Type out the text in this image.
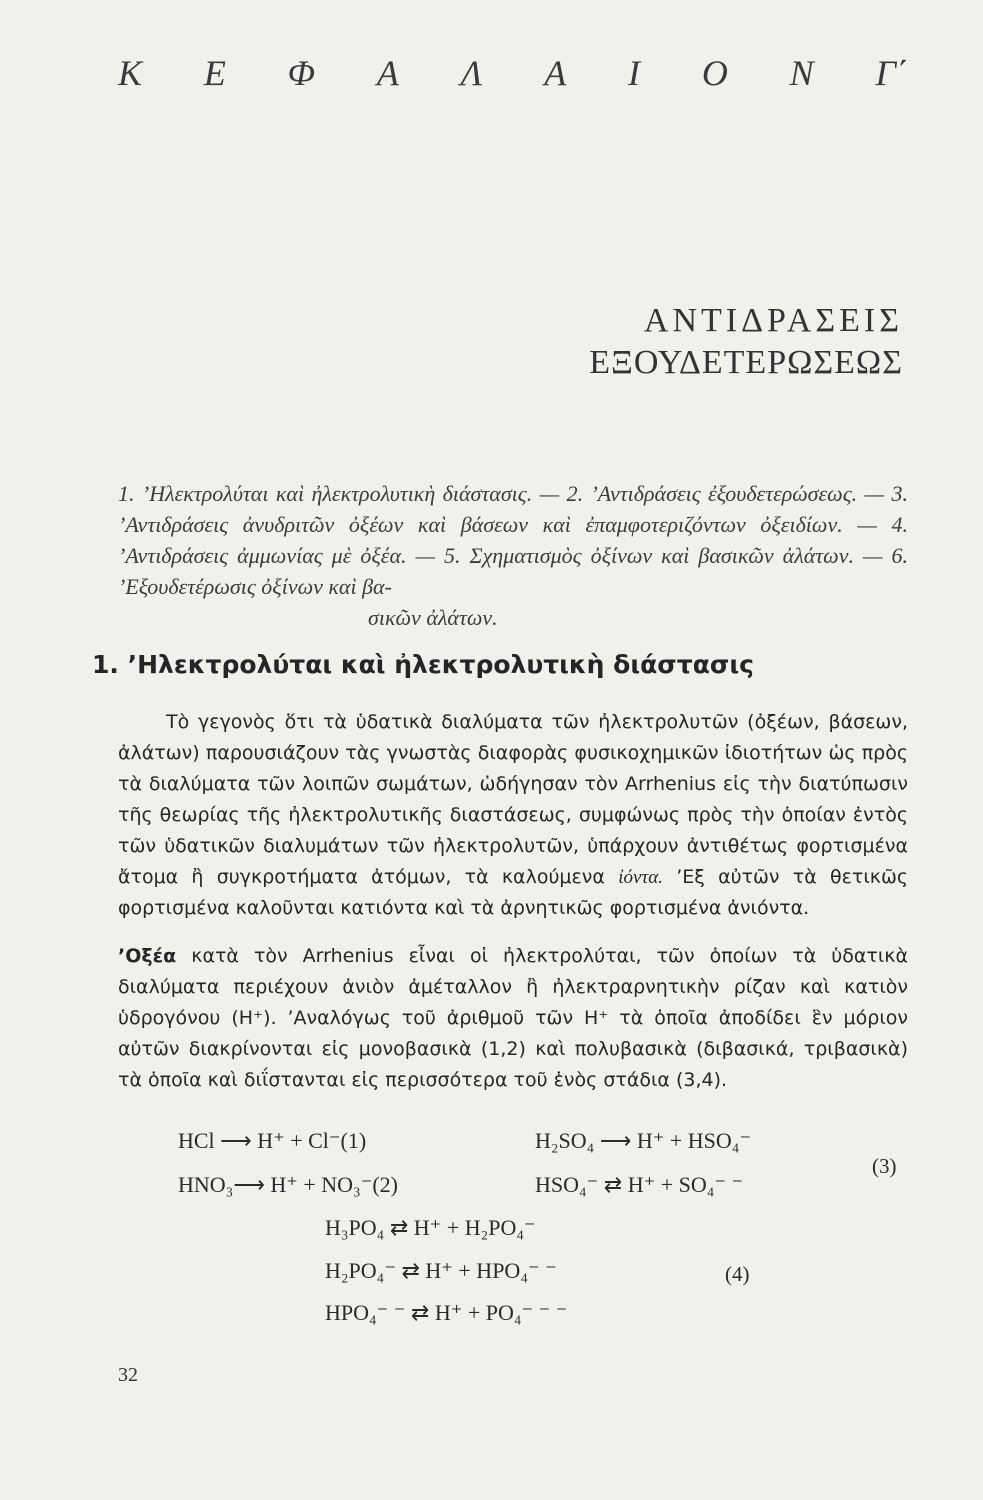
Κ Ε Φ Α Λ Α Ι Ο Ν Γ΄
ΑΝΤΙΔΡΑΣΕΙΣ
ΕΞΟΥΔΕΤΕΡΩΣΕΩΣ
1. ’Ηλεκτρολύται καὶ ἠλεκτρολυτικὴ διάστασις. — 2. ’Αντιδράσεις ἐξουδετερώσεως. — 3. ’Αντιδράσεις ἀνυδριτῶν ὀξέων καὶ βάσεων καὶ ἐπαμφοτεριζόντων ὀξειδίων. — 4. ’Αντιδράσεις ἀμμωνίας μὲ ὀξέα. — 5. Σχηματισμὸς ὀξίνων καὶ βασικῶν ἀλάτων. — 6. ’Εξουδετέρωσις ὀξίνων καὶ βα-
σικῶν ἀλάτων.
1. ’Ηλεκτρολύται καὶ ἠλεκτρολυτικὴ διάστασις

Τὸ γεγονὸς ὅτι τὰ ὑδατικὰ διαλύματα τῶν ἠλεκτρολυτῶν (ὀξέων, βάσεων, ἀλάτων) παρουσιάζουν τὰς γνωστὰς διαφορὰς φυσικοχημικῶν ἰδιοτήτων ὡς πρὸς τὰ διαλύματα τῶν λοιπῶν σωμάτων, ὡδήγησαν τὸν Arrhenius εἰς τὴν διατύπωσιν τῆς θεωρίας τῆς ἠλεκτρολυτικῆς διαστάσεως, συμφώνως πρὸς τὴν ὁποίαν ἐντὸς τῶν ὑδατικῶν διαλυμάτων τῶν ἠλεκτρολυτῶν, ὑπάρχουν ἀντιθέτως φορτισμένα ἄτομα ἢ συγκροτήματα ἀτόμων, τὰ καλούμενα ἰόντα. ’Εξ αὐτῶν τὰ θετικῶς φορτισμένα καλοῦνται κατιόντα καὶ τὰ ἀρνητικῶς φορτισμένα ἀνιόντα.

’Οξέα κατὰ τὸν Arrhenius εἶναι οἱ ἠλεκτρολύται, τῶν ὁποίων τὰ ὑδατικὰ διαλύματα περιέχουν ἀνιὸν ἀμέταλλον ἢ ἠλεκτραρνητικὴν ρίζαν καὶ κατιὸν ὑδρογόνου (H⁺). ’Αναλόγως τοῦ ἀριθμοῦ τῶν H⁺ τὰ ὁποῖα ἀποδίδει ἓν μόριον αὐτῶν διακρίνονται εἰς μονοβασικὰ (1,2) καὶ πολυβασικὰ (διβασικά, τριβασικὰ) τὰ ὁποῖα καὶ διΐστανται εἰς περισσότερα τοῦ ἑνὸς στάδια (3,4).

HCl ⟶ H⁺ + Cl⁻(1)
HNO₃⟶ H⁺ + NO₃⁻(2)
H₂SO₄ ⟶ H⁺ + HSO₄⁻
HSO₄⁻ ⇄ H⁺ + SO₄⁻ ⁻
(3)
H₃PO₄ ⇄ H⁺ + H₂PO₄⁻
H₂PO₄⁻ ⇄ H⁺ + HPO₄⁻ ⁻
HPO₄⁻ ⁻ ⇄ H⁺ + PO₄⁻ ⁻ ⁻
(4)
32
